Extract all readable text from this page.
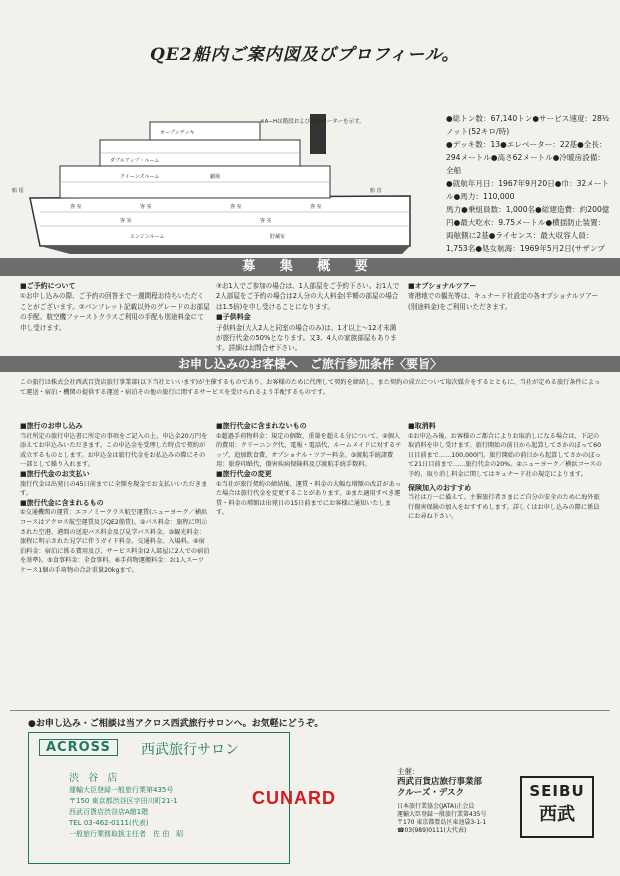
QE2船内ご案内図及びプロフィール。
オープンデッキ
ダブルアップ・ルーム
クイーンズルーム	劇場
客 室	客 室	客 室	客 室
客 室	客 室
エンジンルーム	貯蔵室
船 首
船 尾
※A−Hは階段およびエレベーターを示す。	●総トン数：67,140トン●サービス速度：28½ノット(52キロ/時)
●デッキ数：13●エレベーター：22基●全長：294メートル●高さ62メートル●冷暖房設備：全船
●就航年月日：1967年9月20日●巾：32メートル●馬力：110,000
馬力●乗組員数：1,000名●総建造費：約200億円●最大吃水：9.75メートル●横揺防止装置：両舷側に2基●ライセンス：最大収容人員：1,753名●処女航海：1969年5月2日(サザンプ
募 集 概 要
■ご予約について
①お申し込みの際、ご予約の回答まで一週間程お待ちいただくことがございます。②パンフレット記載以外のグレードのお部屋の手配、航空機ファーストクラスご利用の手配も別途料金にて申し受けます。
③お1人でご参加の場合は、1人部屋をご予約下さい。お1人で2人部屋をご予約の場合は2人分の大人料金(半額の部屋の場合は1.5倍)を申し受けることになります。
■子供料金
子供料金(大人2人と同室の場合のみ)は、1才以上〜12才未満が旅行代金の50%となります。又3、4人の家族部屋もあります。詳細はお問合せ下さい。
■オプショナルツアー
寄港地での観光等は、キュナード社設定の各オプショナルツアー(別途料金)をご利用いただきます。
お申し込みのお客様へ　ご旅行参加条件〈要旨〉
この旅行は株式会社西武百貨店旅行事業部(以下当社といいます)が主催するものであり、お客様のために代理して契約を締結し、また契約の成立について取次媒介をするとともに、当社が定める旅行条件によって運送・宿泊・機関の提供する運送・宿泊その他の旅行に関するサービスを受けられるよう手配するものです。
■旅行のお申し込み
当社所定の旅行申込書に所定の事項をご記入の上、申込金20万円を添えてお申込みいただきます。この申込金を受理した時点で契約が成立するものとします。お申込金は旅行代金をお払込みの際にその一部として繰り入れます。
■旅行代金のお支払い
旅行代金は出発日の45日前までに全額を現金でお支払いいただきます。
■旅行代金に含まれるもの
①交通機関の運賃：エコノミークラス航空運賃(ニューヨーク／横浜コースはアクロス航空運賃及びQE2船賃)。②パス料金：旅程に明示された空港、港間の送迎バス料金及び見学バス料金。③観光料金：旅程に明示された見学に伴うガイド料金、交通料金、入場料。④宿泊料金：宿泊に係る費用及び、サービス料金(2人部屋に2人での宿泊を基準)。⑤食事料金：全食事料。⑥手荷物運搬料金：お1人スーツケース1個の手荷物の合計重量20kgまで。
■旅行代金に含まれないもの
①超過手荷物料金：規定の個数、重量を超える分について。②個人的費用：クリーニング代、電報・電話代、ルームメイドに対するチップ、追加飲食費、オプショナル・ツアー料金。③渡航手続諸費用：旅券印紙代、傷害疾病保険料及び渡航手続手数料。
■旅行代金の変更
①当社が旅行契約の締結後、運賃・料金の大幅な増額の改訂があった場合は旅行代金を変更することがあります。②また適用すべき運賃・料金の増額は出発日の15日前までにお客様に通知いたします。
■取消料
①お申込み後、お客様のご都合によりお取消しになる場合は、下記の取消料を申し受けます。旅行開始の前日から起算してさかのぼって60日目前まで……100,000円。旅行開始の前日から起算してさかのぼって21日目前まで……旅行代金の20%。②ニューヨーク／横浜コースの予約、取り消し料金に関してはキュナード社の規定によります。
保険加入のおすすめ
当社は万一に備えて、主催旅行者さまにご自分の安全のために海外旅行傷害保険の加入をおすすめします。詳しくはお申し込みの際に係員にお尋ね下さい。
●お申し込み・ご相談は当アクロス西武旅行サロンへ。お気軽にどうぞ。
ACROSS	西武旅行サロン
渋 谷 店
運輸大臣登録一般旅行業第435号
〒150 東京都渋谷区宇田川町21-1
西武百貨店渋谷店A館1階
TEL 03-462-0111(代表)
一般旅行業務取扱主任者　佐 伯　昭
CUNARD
主催：
西武百貨店旅行事業部
クルーズ・デスク
日本旅行業協会(JATA)正会員
運輸大臣登録一般旅行業第435号
〒170 東京都豊島区東池袋3-1-1
☎03(989)0111(大代表)
SEIBU
西武
